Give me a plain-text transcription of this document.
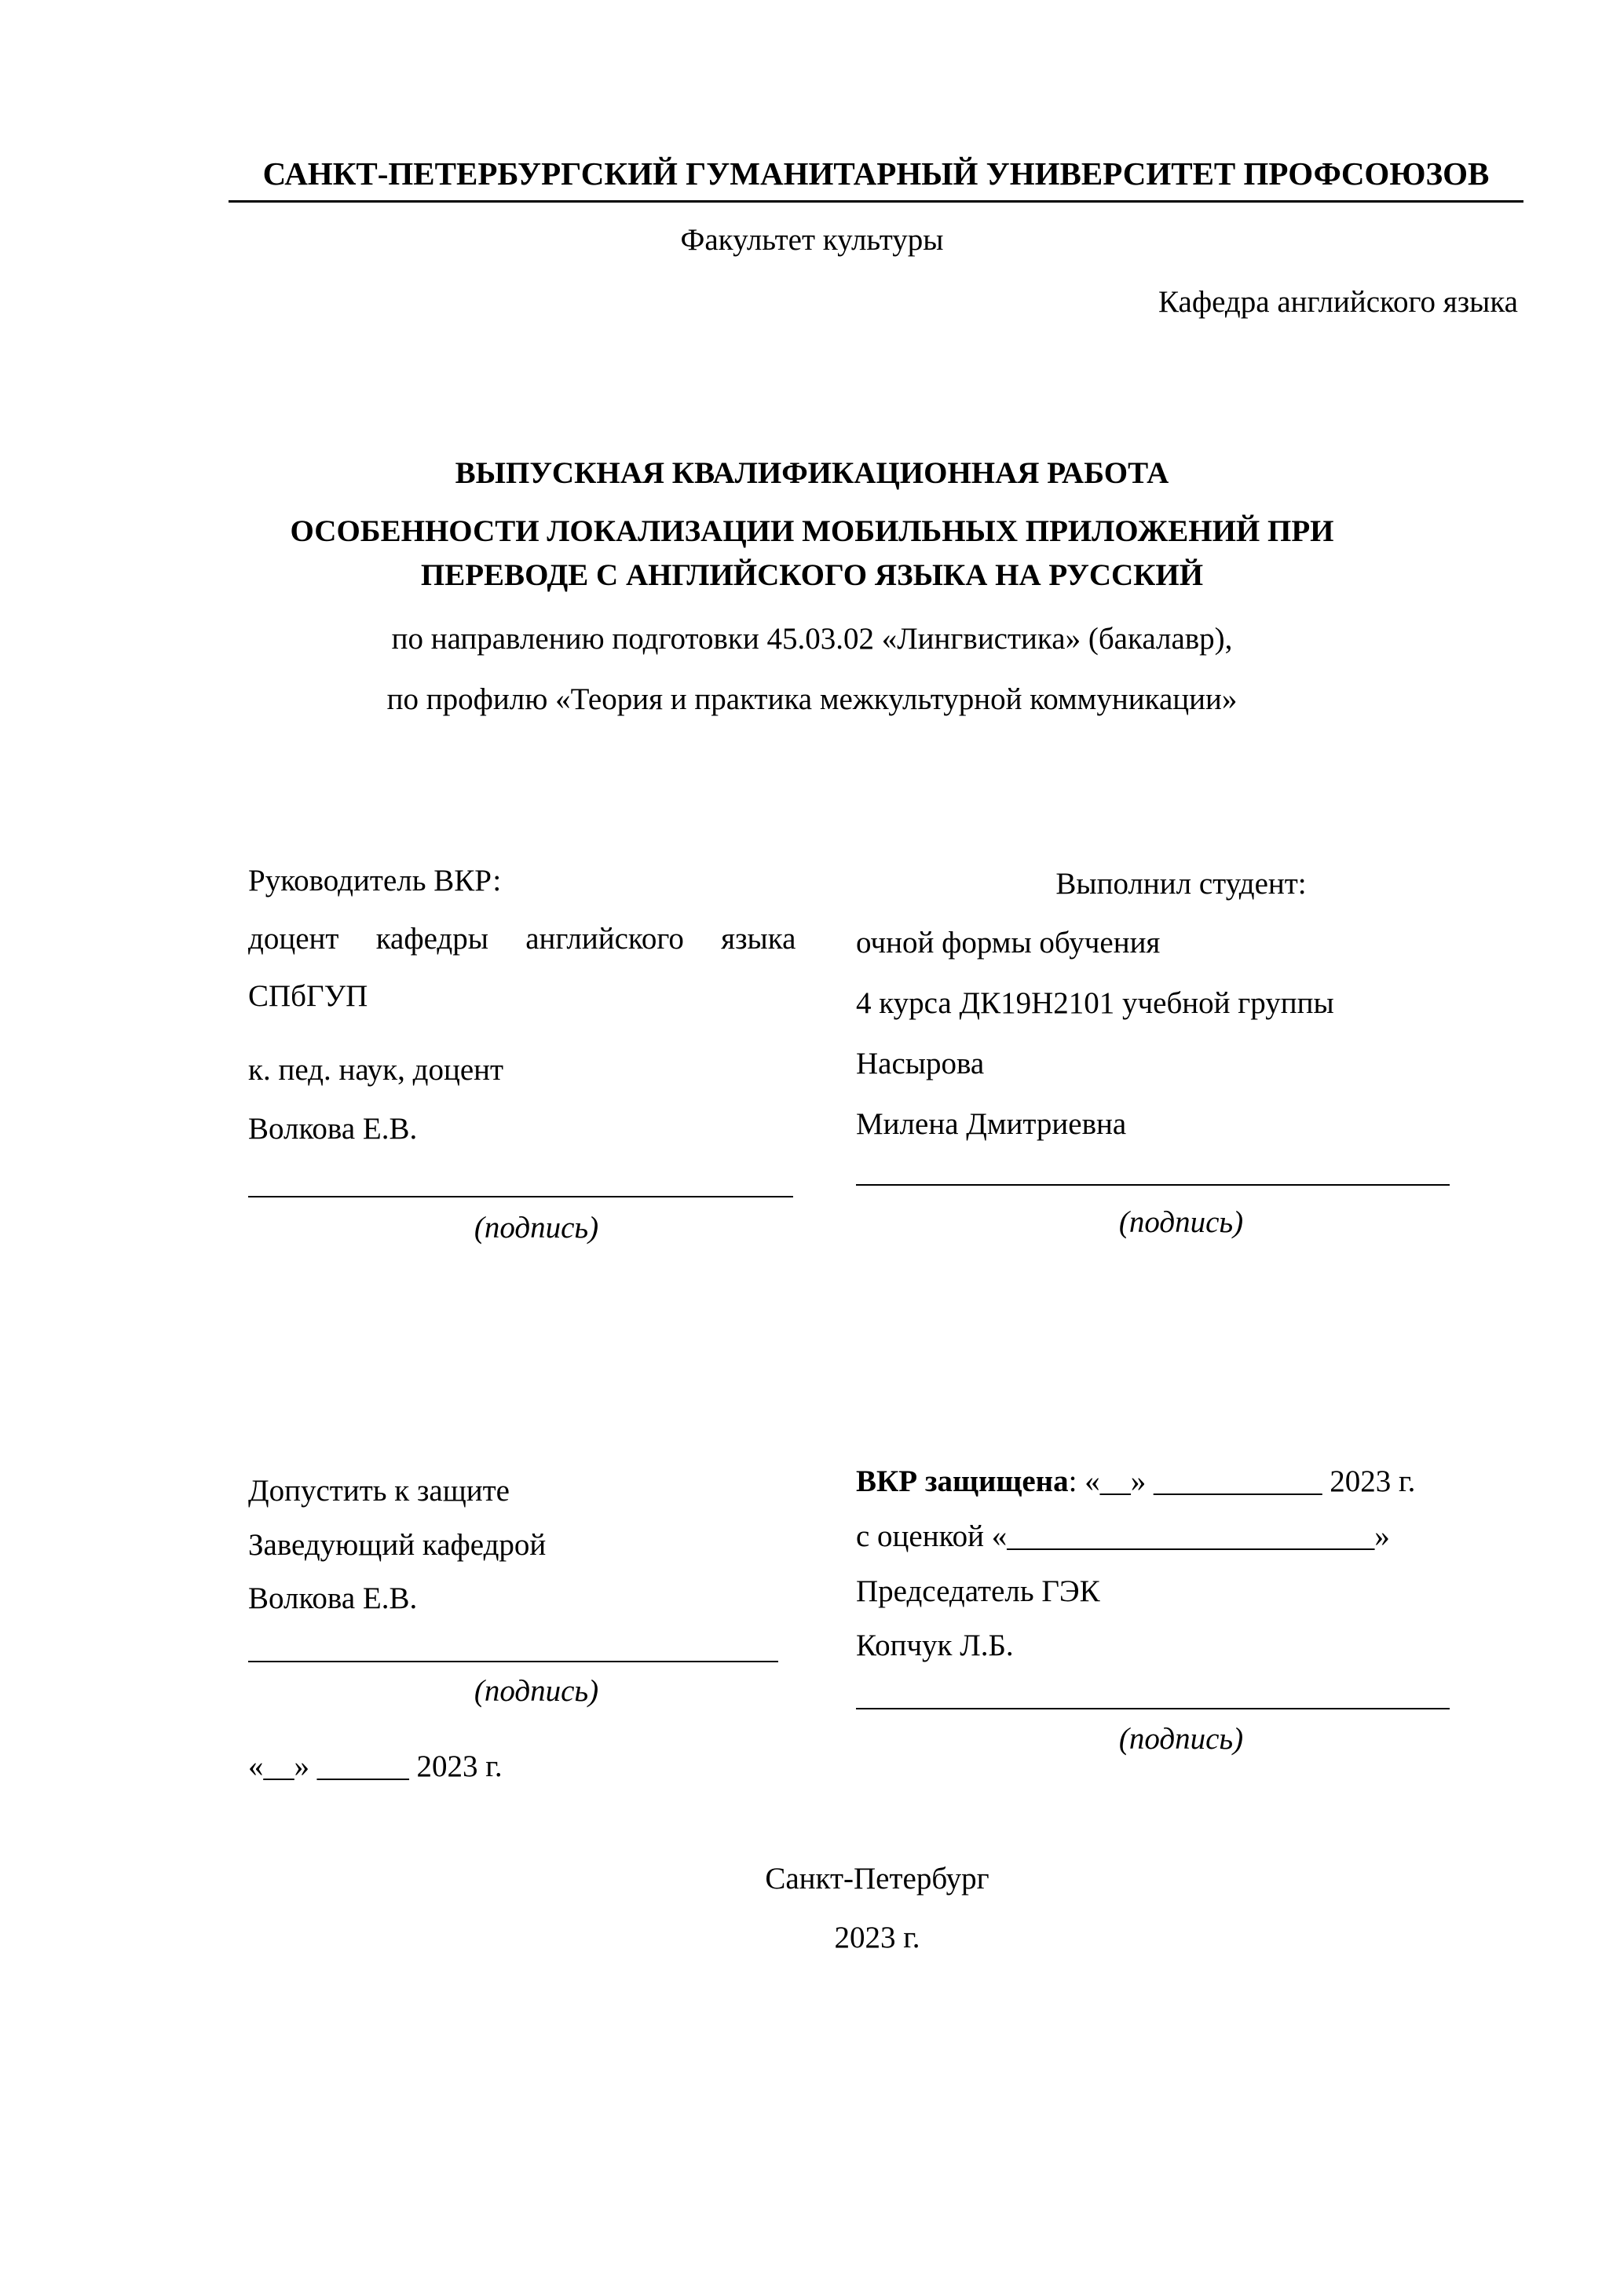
САНКТ-ПЕТЕРБУРГСКИЙ ГУМАНИТАРНЫЙ УНИВЕРСИТЕТ ПРОФСОЮЗОВ
Факультет культуры
Кафедра английского языка
ВЫПУСКНАЯ КВАЛИФИКАЦИОННАЯ РАБОТА
ОСОБЕННОСТИ ЛОКАЛИЗАЦИИ МОБИЛЬНЫХ ПРИЛОЖЕНИЙ ПРИ
ПЕРЕВОДЕ С АНГЛИЙСКОГО ЯЗЫКА НА РУССКИЙ
по направлению подготовки 45.03.02 «Лингвистика» (бакалавр),
по профилю «Теория и практика межкультурной коммуникации»
Руководитель ВКР:
доцент   кафедры   английского   языка
СПбГУП
к. пед. наук, доцент
Волкова Е.В.
(подпись)
Выполнил студент:
очной формы обучения
4 курса ДК19Н2101 учебной группы
Насырова
Милена Дмитриевна
(подпись)
Допустить к защите
Заведующий кафедрой
Волкова Е.В.
(подпись)
«__» ______ 2023 г.
ВКР защищена: «__» ___________ 2023 г.
с оценкой «________________________»
Председатель ГЭК
Копчук Л.Б.
(подпись)
Санкт-Петербург
2023 г.
